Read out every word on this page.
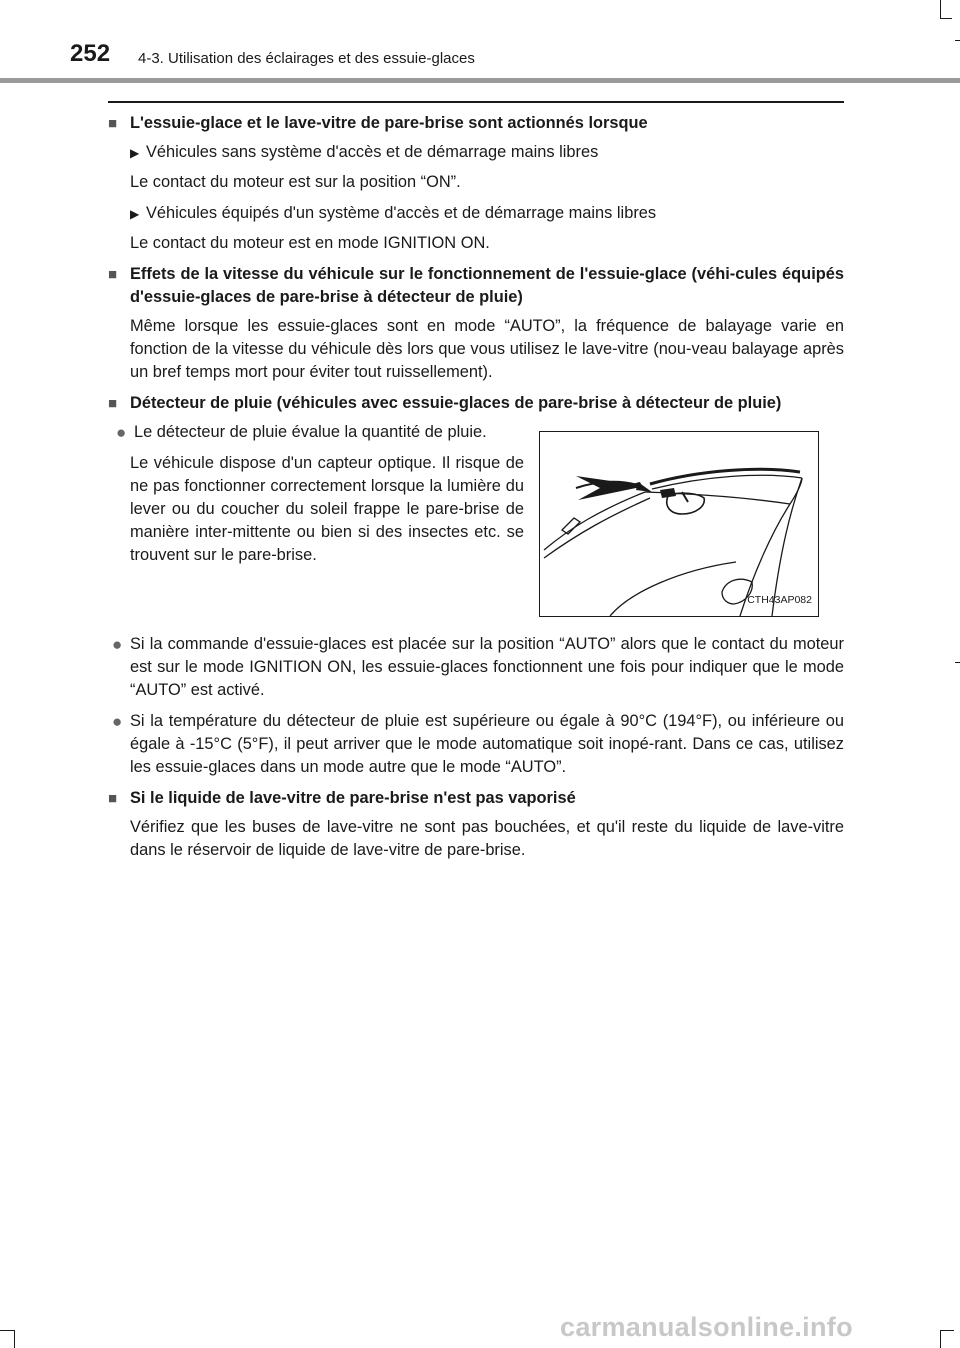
252 4-3. Utilisation des éclairages et des essuie-glaces
■ L'essuie-glace et le lave-vitre de pare-brise sont actionnés lorsque
▶ Véhicules sans système d'accès et de démarrage mains libres
Le contact du moteur est sur la position “ON”.
▶ Véhicules équipés d'un système d'accès et de démarrage mains libres
Le contact du moteur est en mode IGNITION ON.
■ Effets de la vitesse du véhicule sur le fonctionnement de l'essuie-glace (véhi-cules équipés d'essuie-glaces de pare-brise à détecteur de pluie)
Même lorsque les essuie-glaces sont en mode “AUTO”, la fréquence de balayage varie en fonction de la vitesse du véhicule dès lors que vous utilisez le lave-vitre (nou-veau balayage après un bref temps mort pour éviter tout ruissellement).
■ Détecteur de pluie (véhicules avec essuie-glaces de pare-brise à détecteur de pluie)
● Le détecteur de pluie évalue la quantité de pluie.
Le véhicule dispose d'un capteur optique. Il risque de ne pas fonctionner correctement lorsque la lumière du lever ou du coucher du soleil frappe le pare-brise de manière inter-mittente ou bien si des insectes etc. se trouvent sur le pare-brise.
CTH43AP082
● Si la commande d'essuie-glaces est placée sur la position “AUTO” alors que le contact du moteur est sur le mode IGNITION ON, les essuie-glaces fonctionnent une fois pour indiquer que le mode “AUTO” est activé.
● Si la température du détecteur de pluie est supérieure ou égale à 90°C (194°F), ou inférieure ou égale à -15°C (5°F), il peut arriver que le mode automatique soit inopé-rant. Dans ce cas, utilisez les essuie-glaces dans un mode autre que le mode “AUTO”.
■ Si le liquide de lave-vitre de pare-brise n'est pas vaporisé
Vérifiez que les buses de lave-vitre ne sont pas bouchées, et qu'il reste du liquide de lave-vitre dans le réservoir de liquide de lave-vitre de pare-brise.
carmanualsonline.info
